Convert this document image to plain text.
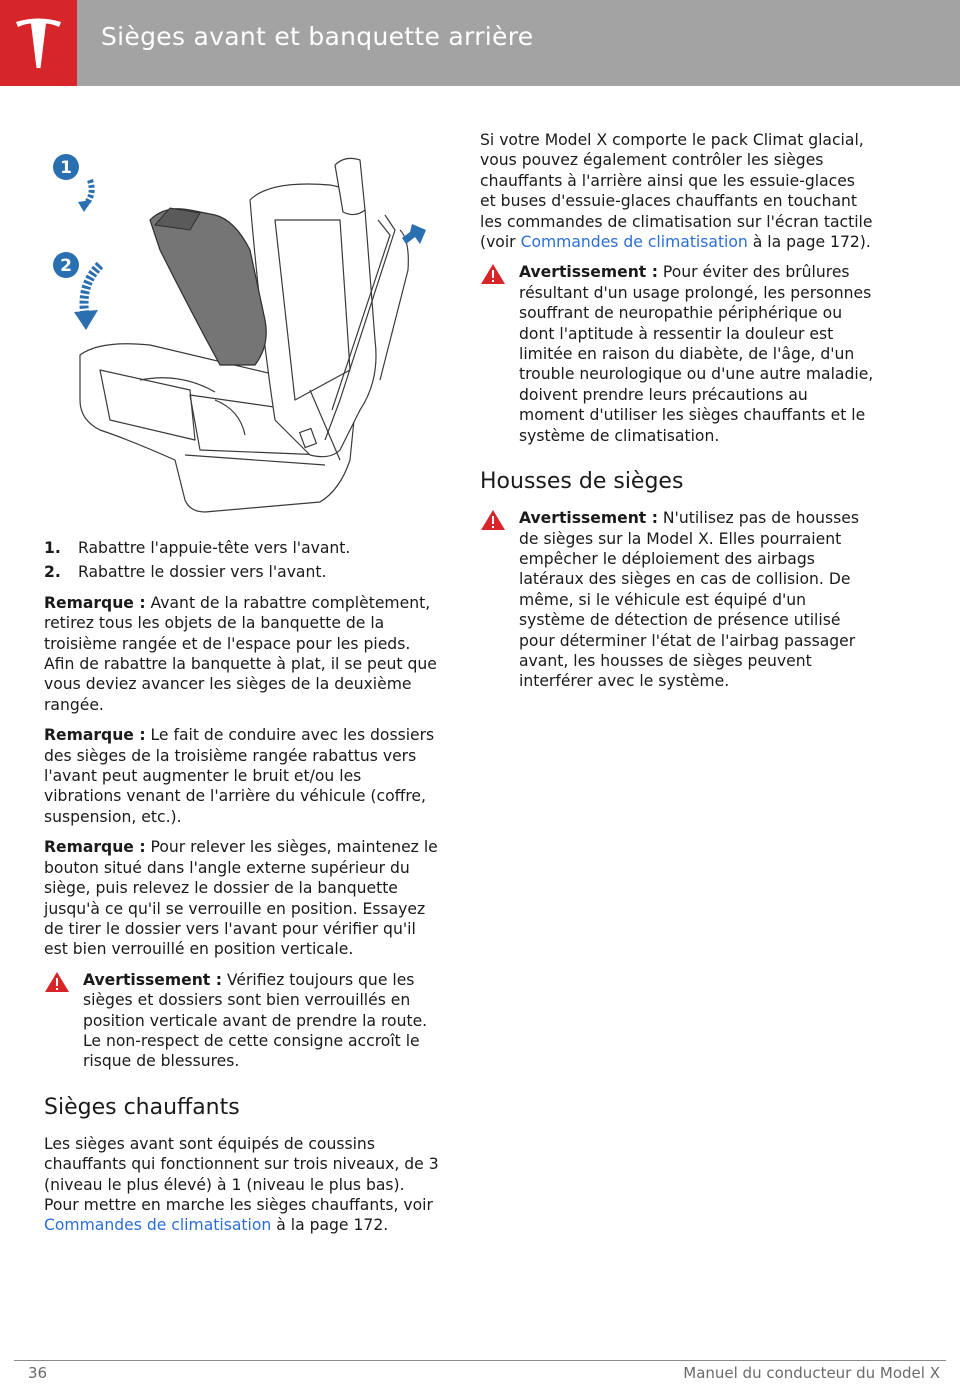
Sièges avant et banquette arrière
1
2
1.	Rabattre l'appuie-tête vers l'avant.
2.	Rabattre le dossier vers l'avant.

Remarque : Avant de la rabattre complètement, retirez tous les objets de la banquette de la troisième rangée et de l'espace pour les pieds. Afin de rabattre la banquette à plat, il se peut que vous deviez avancer les sièges de la deuxième rangée.

Remarque : Le fait de conduire avec les dossiers des sièges de la troisième rangée rabattus vers l'avant peut augmenter le bruit et/ou les vibrations venant de l'arrière du véhicule (coffre, suspension, etc.).

Remarque : Pour relever les sièges, maintenez le bouton situé dans l'angle externe supérieur du siège, puis relevez le dossier de la banquette jusqu'à ce qu'il se verrouille en position. Essayez de tirer le dossier vers l'avant pour vérifier qu'il est bien verrouillé en position verticale.

Avertissement : Vérifiez toujours que les sièges et dossiers sont bien verrouillés en position verticale avant de prendre la route. Le non-respect de cette consigne accroît le risque de blessures.
Sièges chauffants

Les sièges avant sont équipés de coussins chauffants qui fonctionnent sur trois niveaux, de 3 (niveau le plus élevé) à 1 (niveau le plus bas). Pour mettre en marche les sièges chauffants, voir Commandes de climatisation à la page 172.

Si votre Model X comporte le pack Climat glacial, vous pouvez également contrôler les sièges chauffants à l'arrière ainsi que les essuie-glaces et buses d'essuie-glaces chauffants en touchant les commandes de climatisation sur l'écran tactile (voir Commandes de climatisation à la page 172).

Avertissement : Pour éviter des brûlures résultant d'un usage prolongé, les personnes souffrant de neuropathie périphérique ou dont l'aptitude à ressentir la douleur est limitée en raison du diabète, de l'âge, d'un trouble neurologique ou d'une autre maladie, doivent prendre leurs précautions au moment d'utiliser les sièges chauffants et le système de climatisation.
Housses de sièges
Avertissement : N'utilisez pas de housses de sièges sur la Model X. Elles pourraient empêcher le déploiement des airbags latéraux des sièges en cas de collision. De même, si le véhicule est équipé d'un système de détection de présence utilisé pour déterminer l'état de l'airbag passager avant, les housses de sièges peuvent interférer avec le système.
36	Manuel du conducteur du Model X
